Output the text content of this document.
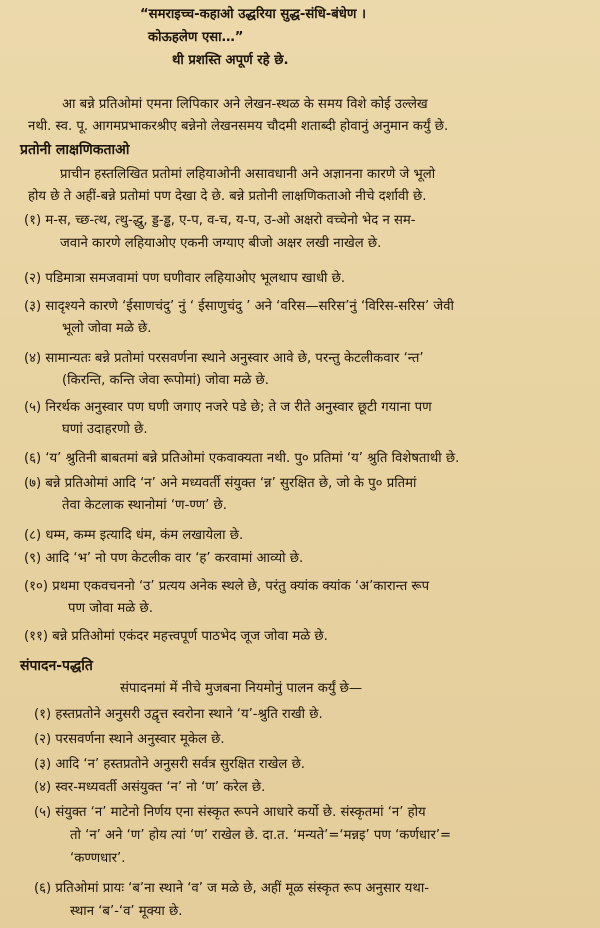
“समराइच्च-कहाओ उद्धरिया सुद्ध-संधि-बंधेण ।
कोऊहलेण एसा…”
थी प्रशस्ति अपूर्ण रहे छे.
आ बन्ने प्रतिओमां एमना लिपिकार अने लेखन-स्थळ के समय विशे कोई उल्लेख
नथी. स्व. पू. आगमप्रभाकरश्रीए बन्नेनो लेखनसमय चौदमी शताब्दी होवानुं अनुमान कर्युं छे.
प्रतोनी लाक्षणिकताओ
प्राचीन हस्तलिखित प्रतोमां लहियाओनी असावधानी अने अज्ञानना कारणे जे भूलो
होय छे ते अहीं-बन्ने प्रतोमां पण देखा दे छे. बन्ने प्रतोनी लाक्षणिकताओ नीचे दर्शावी छे.
(१) म-स, च्छ-त्थ, त्थु-द्धु, ड्ड-ड्ढ, ए-प, व-च, य-प, उ-ओ अक्षरो वच्चेनो भेद न सम-
जवाने कारणे लहियाओए एकनी जग्याए बीजो अक्षर लखी नाखेल छे.
(२) पडिमात्रा समजवामां पण घणीवार लहियाओए भूलथाप खाधी छे.
(३) सादृश्यने कारणे ‘ईसाणचंदु’ नुं ‘ ईसाणुचंदु ’ अने ‘वरिस—सरिस’नुं ‘विरिस-सरिस’ जेवी
भूलो जोवा मळे छे.
(४) सामान्यतः बन्ने प्रतोमां परसवर्णना स्थाने अनुस्वार आवे छे, परन्तु केटलीकवार ‘न्त’
(किरन्ति, कन्ति जेवा रूपोमां) जोवा मळे छे.
(५) निरर्थक अनुस्वार पण घणी जगाए नजरे पडे छे; ते ज रीते अनुस्वार छूटी गयाना पण
घणां उदाहरणो छे.
(६) ‘य’ श्रुतिनी बाबतमां बन्ने प्रतिओमां एकवाक्यता नथी. पु० प्रतिमां ‘य’ श्रुति विशेषताथी छे.
(७) बन्ने प्रतिओमां आदि ‘न’ अने मध्यवर्ती संयुक्त ‘न्न’ सुरक्षित छे, जो के पु० प्रतिमां
तेवा केटलाक स्थानोमां ‘ण-ण्ण’ छे.
(८) धम्म, कम्म इत्यादि धंम, कंम लखायेला छे.
(९) आदि ‘भ’ नो पण केटलीक वार ‘ह’ करवामां आव्यो छे.
(१०) प्रथमा एकवचननो ‘उ’ प्रत्यय अनेक स्थले छे, परंतु क्यांक क्यांक ‘अ’कारान्त रूप
पण जोवा मळे छे.
(११) बन्ने प्रतिओमां एकंदर महत्त्वपूर्ण पाठभेद जूज जोवा मळे छे.
संपादन-पद्धति
संपादनमां में नीचे मुजबना नियमोनुं पालन कर्युं छे—
(१) हस्तप्रतोने अनुसरी उद्वृत्त स्वरोना स्थाने ‘य’-श्रुति राखी छे.
(२) परसवर्णना स्थाने अनुस्वार मूकेल छे.
(३) आदि ‘न’ हस्तप्रतोने अनुसरी सर्वत्र सुरक्षित राखेल छे.
(४) स्वर-मध्यवर्ती असंयुक्त ‘न’ नो ‘ण’ करेल छे.
(५) संयुक्त ‘न’ माटेनो निर्णय एना संस्कृत रूपने आधारे कर्यो छे. संस्कृतमां ‘न’ होय
तो ‘न’ अने ‘ण’ होय त्यां ‘ण’ राखेल छे. दा.त. ‘मन्यते’=‘मन्नइ’ पण ‘कर्णधार’=
‘कण्णधार’.
(६) प्रतिओमां प्रायः ‘ब’ना स्थाने ‘व’ ज मळे छे, अहीं मूळ संस्कृत रूप अनुसार यथा-
स्थान ‘ब’-‘व’ मूक्या छे.
